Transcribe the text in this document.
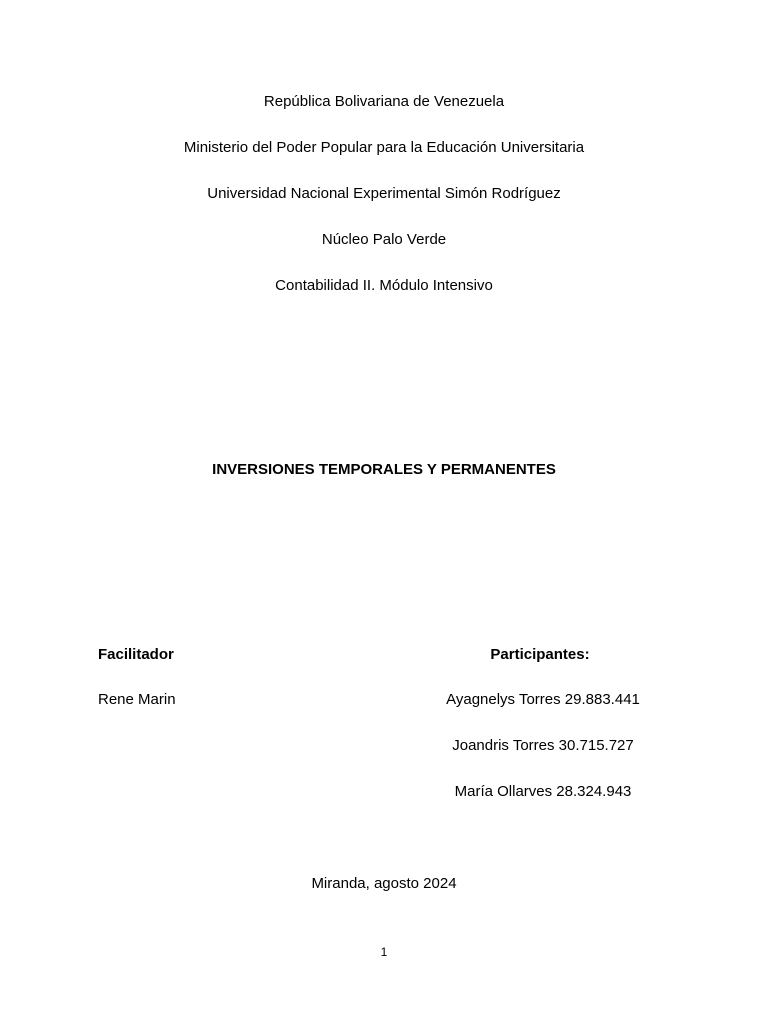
República Bolivariana de Venezuela
Ministerio del Poder Popular para la Educación Universitaria
Universidad Nacional Experimental Simón Rodríguez
Núcleo Palo Verde
Contabilidad II. Módulo Intensivo
INVERSIONES TEMPORALES Y PERMANENTES
Facilitador
Rene Marin
Participantes:
Ayagnelys Torres 29.883.441
Joandris Torres 30.715.727
María Ollarves 28.324.943
Miranda, agosto 2024
1
